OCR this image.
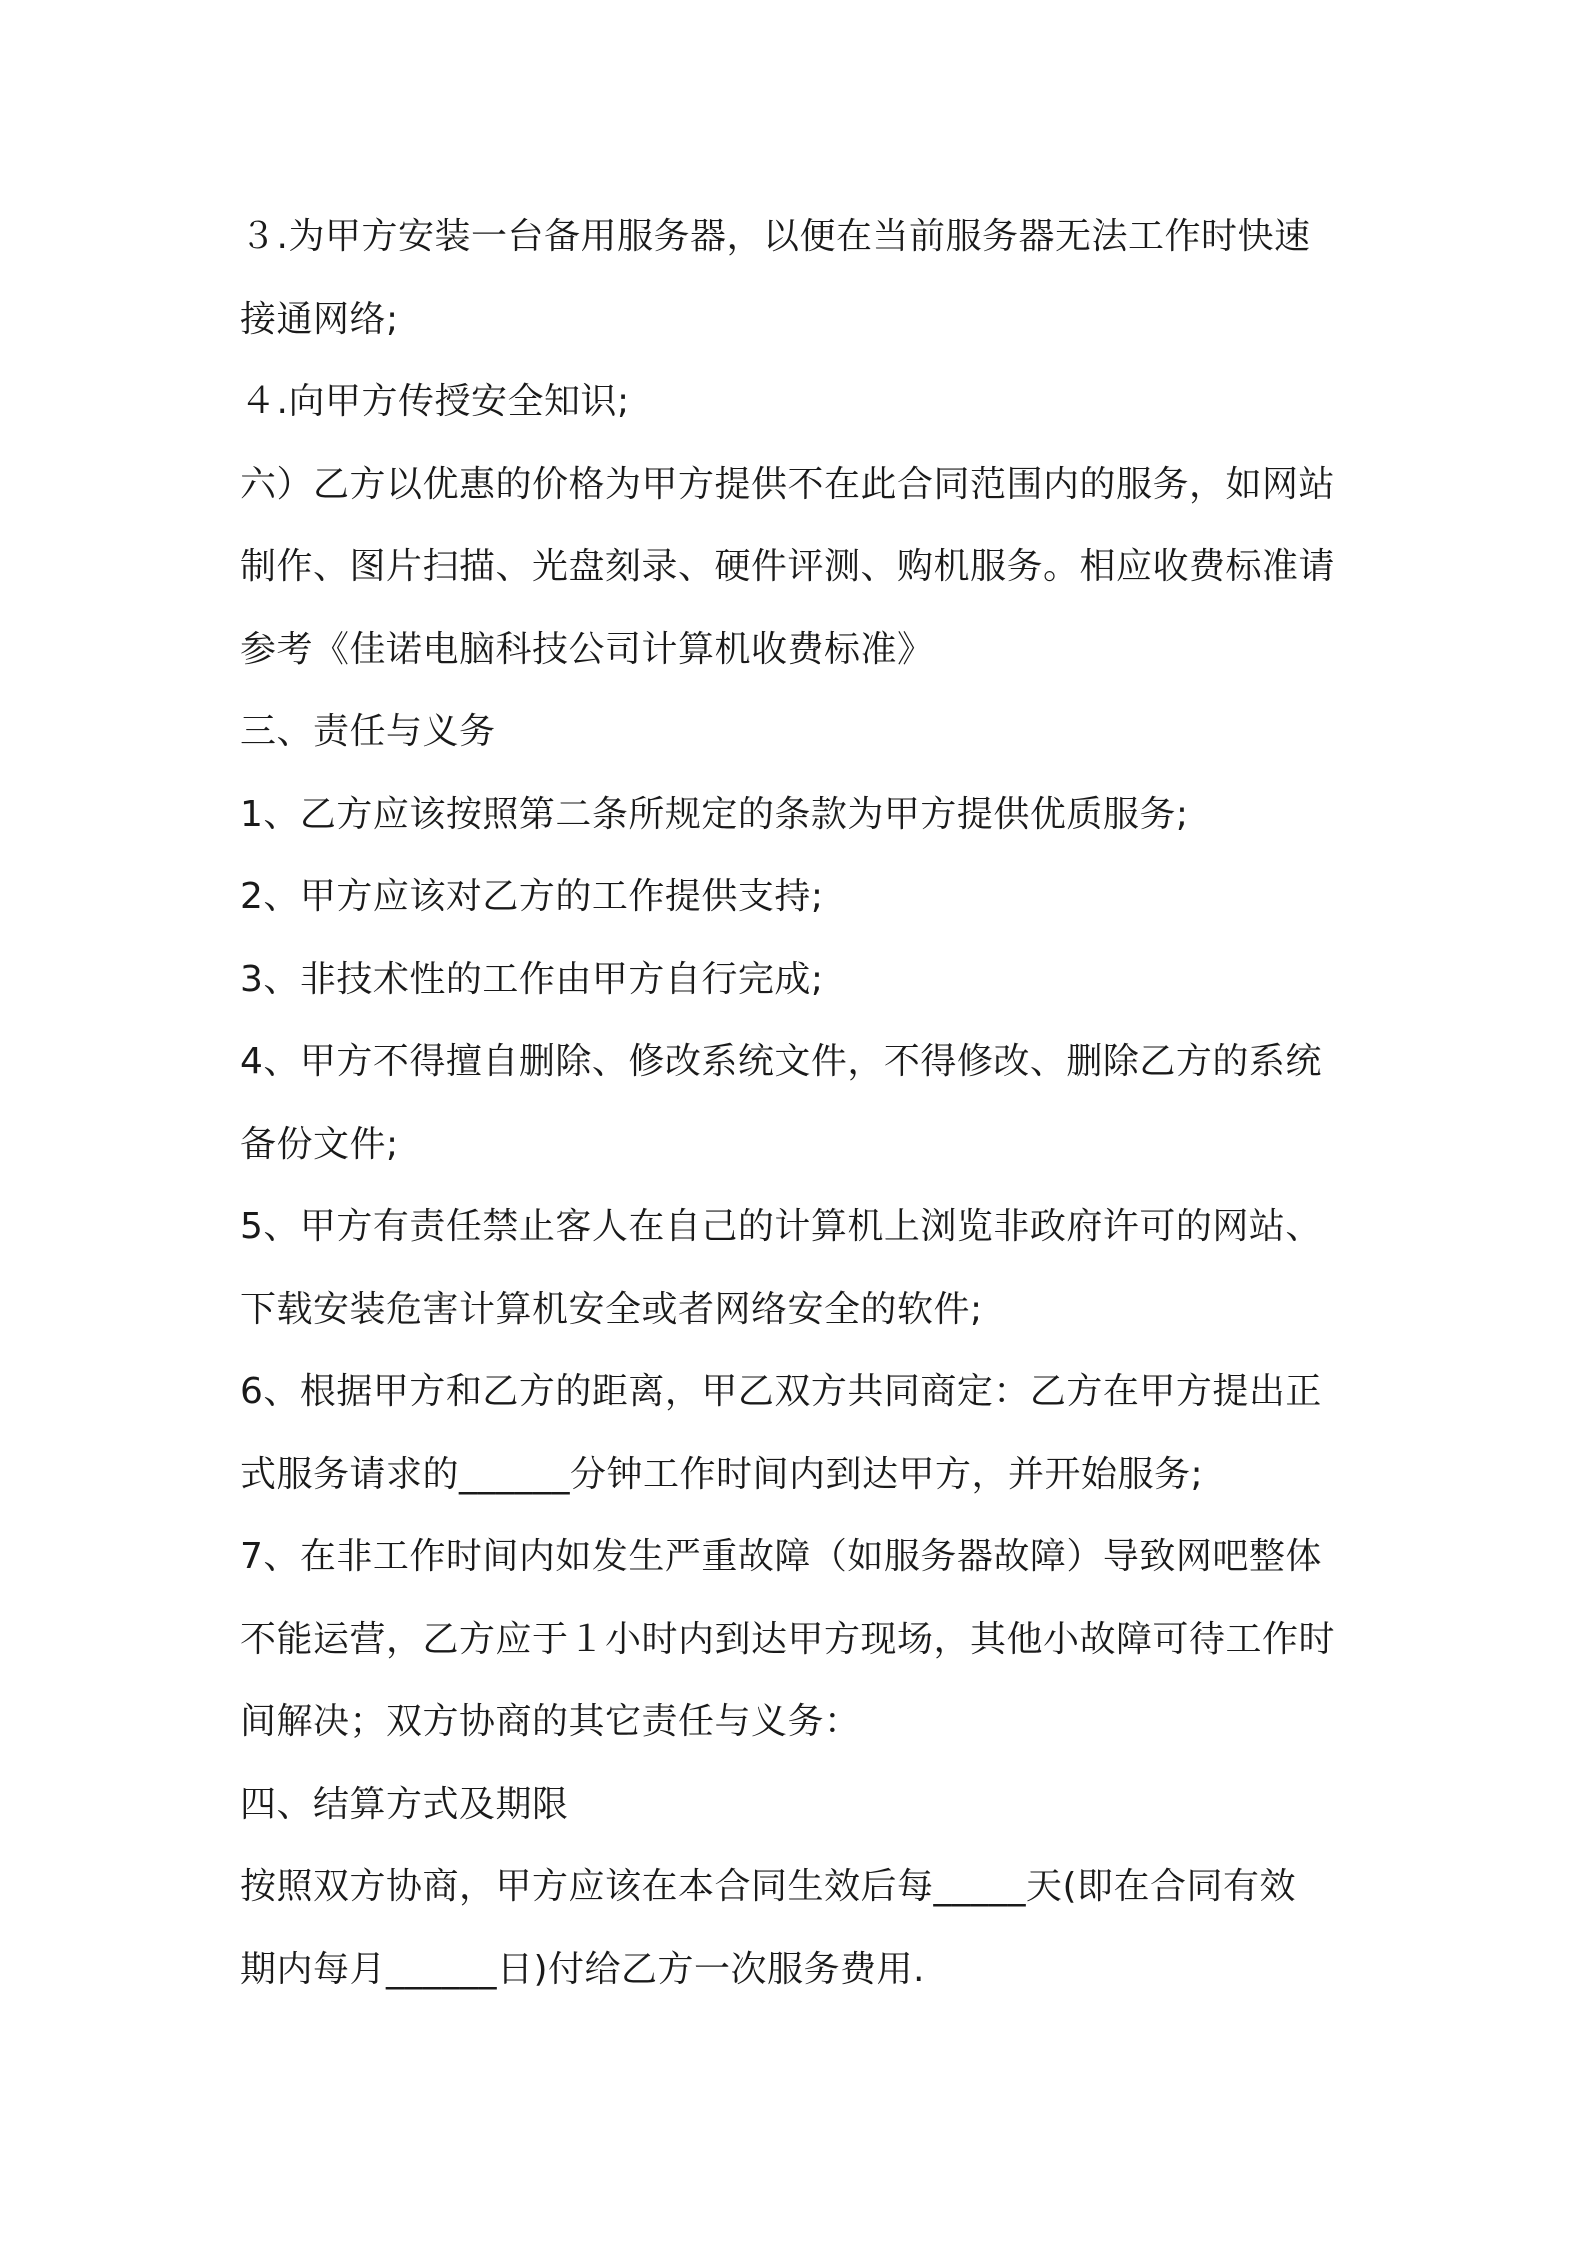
３.为甲方安装一台备用服务器，以便在当前服务器无法工作时快速
接通网络;
４.向甲方传授安全知识;
六）乙方以优惠的价格为甲方提供不在此合同范围内的服务，如网站
制作、图片扫描、光盘刻录、硬件评测、购机服务。相应收费标准请
参考《佳诺电脑科技公司计算机收费标准》
三、责任与义务
1、乙方应该按照第二条所规定的条款为甲方提供优质服务;
2、甲方应该对乙方的工作提供支持;
3、非技术性的工作由甲方自行完成;
4、甲方不得擅自删除、修改系统文件，不得修改、删除乙方的系统
备份文件;
5、甲方有责任禁止客人在自己的计算机上浏览非政府许可的网站、
下载安装危害计算机安全或者网络安全的软件;
6、根据甲方和乙方的距离，甲乙双方共同商定：乙方在甲方提出正
式服务请求的______分钟工作时间内到达甲方，并开始服务;
7、在非工作时间内如发生严重故障（如服务器故障）导致网吧整体
不能运营，乙方应于１小时内到达甲方现场，其他小故障可待工作时
间解决；双方协商的其它责任与义务：
四、结算方式及期限
按照双方协商，甲方应该在本合同生效后每_____天(即在合同有效
期内每月______日)付给乙方一次服务费用.
